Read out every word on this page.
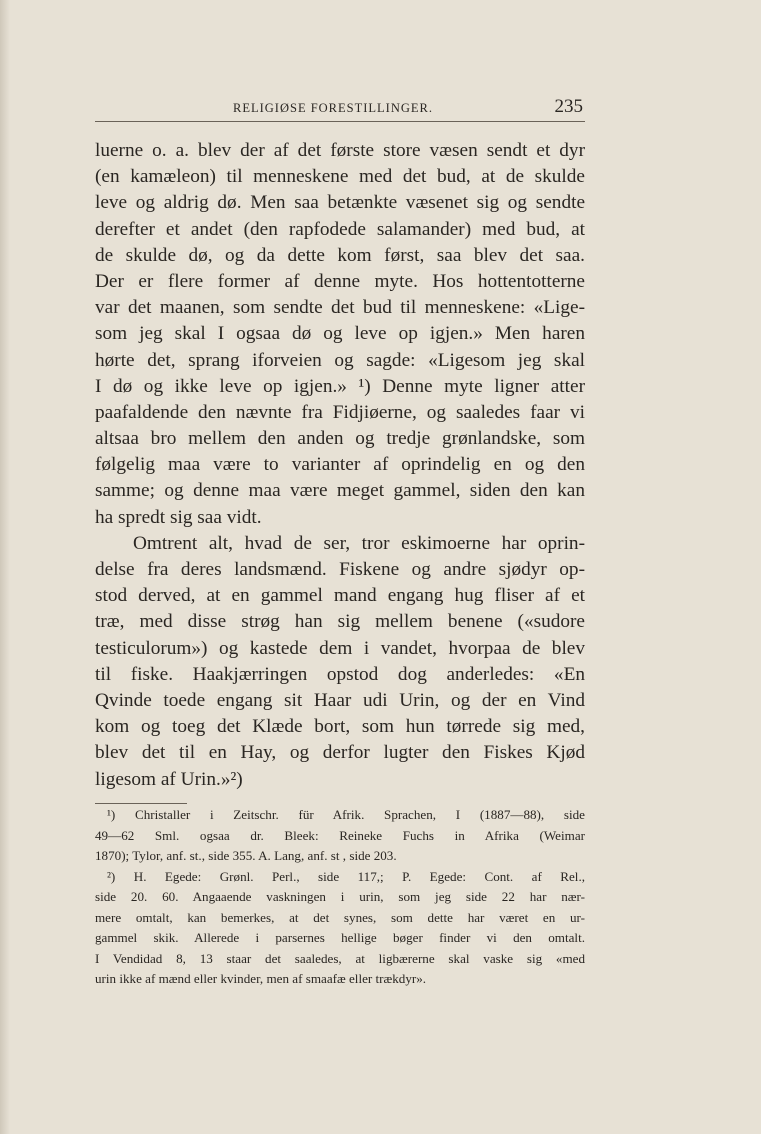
RELIGIØSE FORESTILLINGER.	235
luerne o. a. blev der af det første store væsen sendt et dyr
(en kamæleon) til menneskene med det bud, at de skulde
leve og aldrig dø. Men saa betænkte væsenet sig og sendte
derefter et andet (den rapfodede salamander) med bud, at
de skulde dø, og da dette kom først, saa blev det saa.
Der er flere former af denne myte. Hos hottentotterne
var det maanen, som sendte det bud til menneskene: «Lige-
som jeg skal I ogsaa dø og leve op igjen.» Men haren
hørte det, sprang iforveien og sagde: «Ligesom jeg skal
I dø og ikke leve op igjen.» ¹) Denne myte ligner atter
paafaldende den nævnte fra Fidjiøerne, og saaledes faar vi
altsaa bro mellem den anden og tredje grønlandske, som
følgelig maa være to varianter af oprindelig en og den
samme; og denne maa være meget gammel, siden den kan
ha spredt sig saa vidt.
Omtrent alt, hvad de ser, tror eskimoerne har oprin-
delse fra deres landsmænd. Fiskene og andre sjødyr op-
stod derved, at en gammel mand engang hug fliser af et
træ, med disse strøg han sig mellem benene («sudore
testiculorum») og kastede dem i vandet, hvorpaa de blev
til fiske. Haakjærringen opstod dog anderledes: «En
Qvinde toede engang sit Haar udi Urin, og der en Vind
kom og toeg det Klæde bort, som hun tørrede sig med,
blev det til en Hay, og derfor lugter den Fiskes Kjød
ligesom af Urin.»²)
¹) Christaller i Zeitschr. für Afrik. Sprachen, I (1887—88), side
49—62 Sml. ogsaa dr. Bleek: Reineke Fuchs in Afrika (Weimar
1870); Tylor, anf. st., side 355. A. Lang, anf. st , side 203.
²) H. Egede: Grønl. Perl., side 117,; P. Egede: Cont. af Rel.,
side 20. 60. Angaaende vaskningen i urin, som jeg side 22 har nær-
mere omtalt, kan bemerkes, at det synes, som dette har været en ur-
gammel skik. Allerede i parsernes hellige bøger finder vi den omtalt.
I Vendidad 8, 13 staar det saaledes, at ligbærerne skal vaske sig «med
urin ikke af mænd eller kvinder, men af smaafæ eller trækdyr».
